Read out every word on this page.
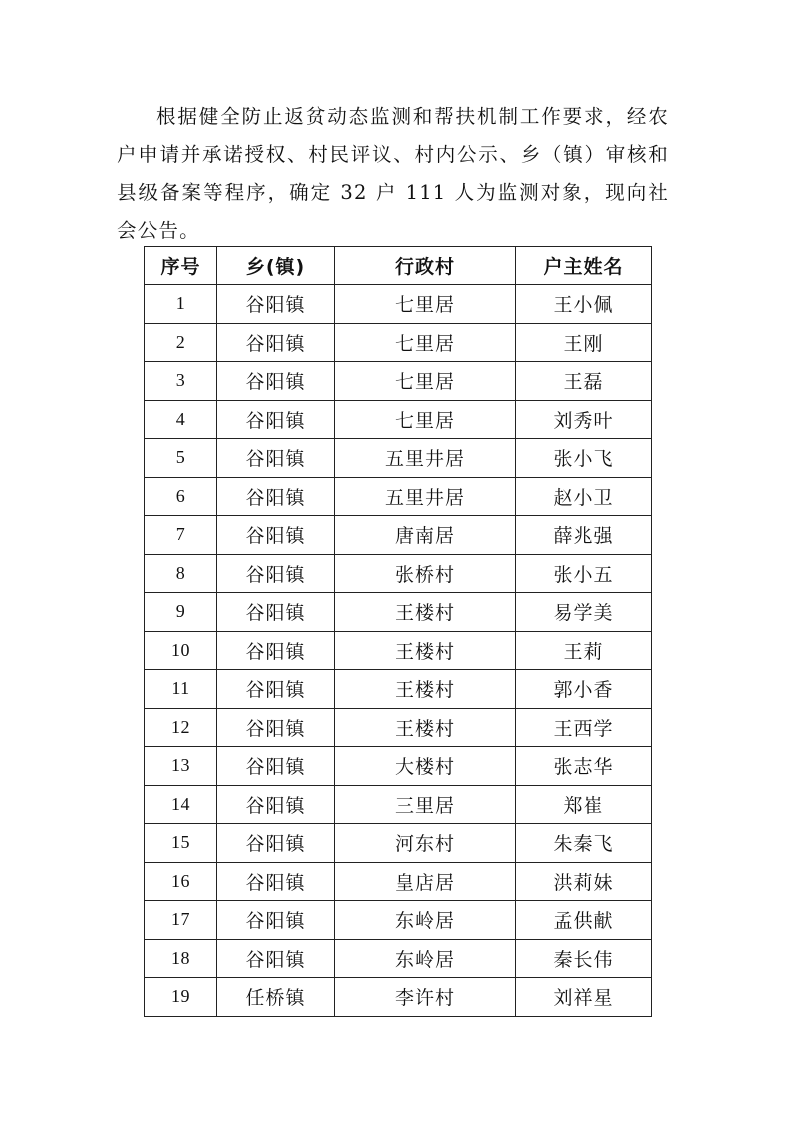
根据健全防止返贫动态监测和帮扶机制工作要求，经农户申请并承诺授权、村民评议、村内公示、乡（镇）审核和县级备案等程序，确定 32 户 111 人为监测对象，现向社会公告。

序号	乡(镇)	行政村	户主姓名
1	谷阳镇	七里居	王小佩
2	谷阳镇	七里居	王刚
3	谷阳镇	七里居	王磊
4	谷阳镇	七里居	刘秀叶
5	谷阳镇	五里井居	张小飞
6	谷阳镇	五里井居	赵小卫
7	谷阳镇	唐南居	薛兆强
8	谷阳镇	张桥村	张小五
9	谷阳镇	王楼村	易学美
10	谷阳镇	王楼村	王莉
11	谷阳镇	王楼村	郭小香
12	谷阳镇	王楼村	王西学
13	谷阳镇	大楼村	张志华
14	谷阳镇	三里居	郑崔
15	谷阳镇	河东村	朱秦飞
16	谷阳镇	皇店居	洪莉妹
17	谷阳镇	东岭居	孟供献
18	谷阳镇	东岭居	秦长伟
19	任桥镇	李许村	刘祥星
